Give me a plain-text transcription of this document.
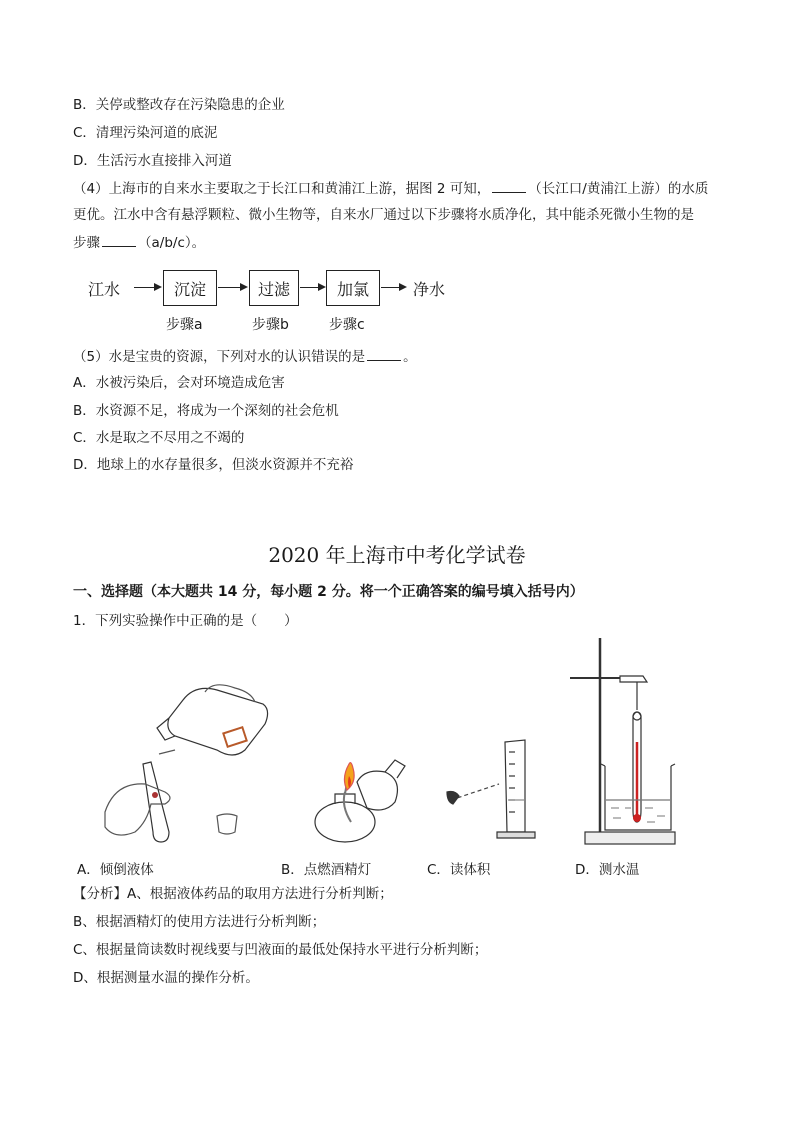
B．关停或整改存在污染隐患的企业
C．清理污染河道的底泥
D．生活污水直接排入河道
（4）上海市的自来水主要取之于长江口和黄浦江上游，据图 2 可知，	（长江口/黄浦江上游）的水质
更优。江水中含有悬浮颗粒、微小生物等，自来水厂通过以下步骤将水质净化，其中能杀死微小生物的是
步骤	（a/b/c）。
江水	沉淀	过滤	加氯	净水
步骤a	步骤b	步骤c
（5）水是宝贵的资源，下列对水的认识错误的是	。
A．水被污染后，会对环境造成危害
B．水资源不足，将成为一个深刻的社会危机
C．水是取之不尽用之不竭的
D．地球上的水存量很多，但淡水资源并不充裕
2020 年上海市中考化学试卷
一、选择题（本大题共 14 分，每小题 2 分。将一个正确答案的编号填入括号内）
1．下列实验操作中正确的是（　　）
A．倾倒液体	B．点燃酒精灯	C．读体积	D．测水温
【分析】A、根据液体药品的取用方法进行分析判断；
B、根据酒精灯的使用方法进行分析判断；
C、根据量筒读数时视线要与凹液面的最低处保持水平进行分析判断；
D、根据测量水温的操作分析。
